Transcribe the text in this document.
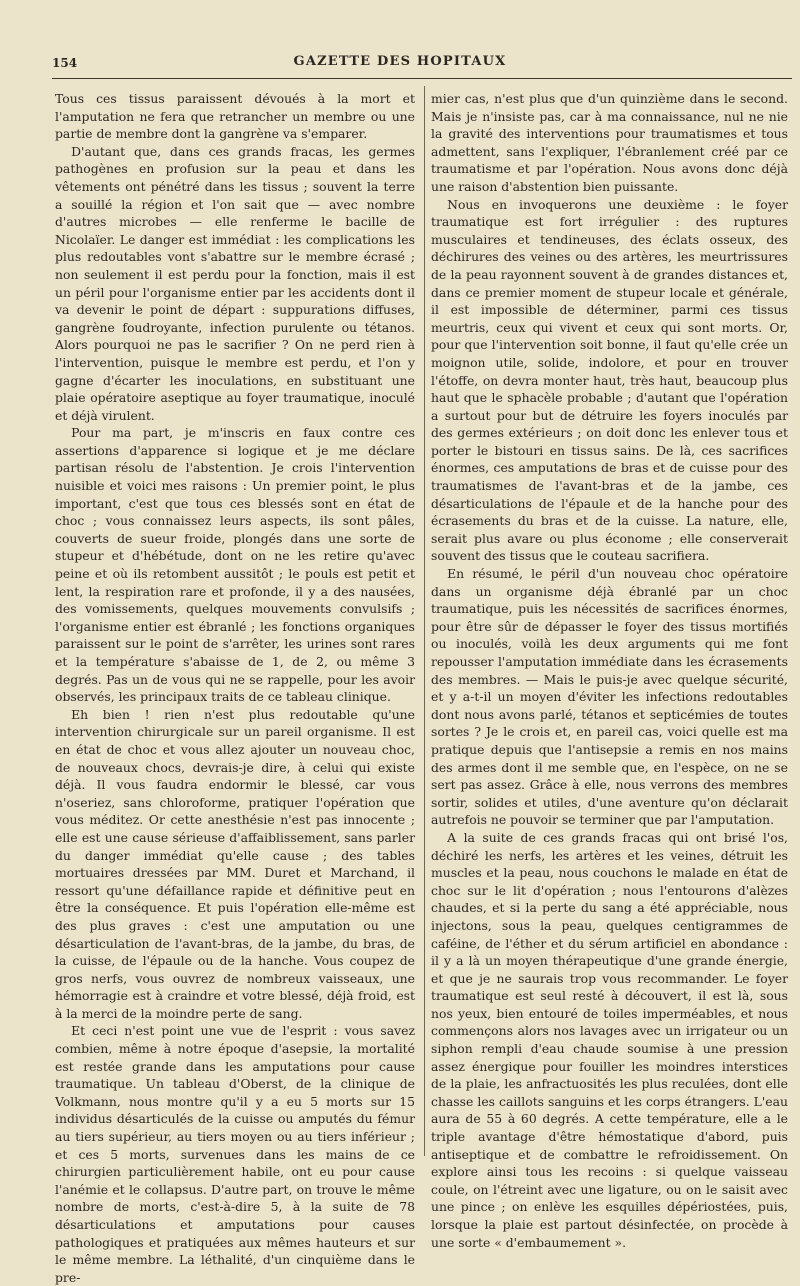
154	GAZETTE DES HOPITAUX

Tous ces tissus paraissent dévoués à la mort et l'amputation ne fera que retrancher un membre ou une partie de membre dont la gangrène va s'emparer.

D'autant que, dans ces grands fracas, les germes pathogènes en profusion sur la peau et dans les vêtements ont pénétré dans les tissus ; souvent la terre a souillé la région et l'on sait que — avec nombre d'autres microbes — elle renferme le bacille de Nicolaïer. Le danger est immédiat : les complications les plus redoutables vont s'abattre sur le membre écrasé ; non seulement il est perdu pour la fonction, mais il est un péril pour l'organisme entier par les accidents dont il va devenir le point de départ : suppurations diffuses, gangrène foudroyante, infection purulente ou tétanos. Alors pourquoi ne pas le sacrifier ? On ne perd rien à l'intervention, puisque le membre est perdu, et l'on y gagne d'écarter les inoculations, en substituant une plaie opératoire aseptique au foyer traumatique, inoculé et déjà virulent.

Pour ma part, je m'inscris en faux contre ces assertions d'apparence si logique et je me déclare partisan résolu de l'abstention. Je crois l'intervention nuisible et voici mes raisons : Un premier point, le plus important, c'est que tous ces blessés sont en état de choc ; vous connaissez leurs aspects, ils sont pâles, couverts de sueur froide, plongés dans une sorte de stupeur et d'hébétude, dont on ne les retire qu'avec peine et où ils retombent aussitôt ; le pouls est petit et lent, la respiration rare et profonde, il y a des nausées, des vomissements, quelques mouvements convulsifs ; l'organisme entier est ébranlé ; les fonctions organiques paraissent sur le point de s'arrêter, les urines sont rares et la température s'abaisse de 1, de 2, ou même 3 degrés. Pas un de vous qui ne se rappelle, pour les avoir observés, les principaux traits de ce tableau clinique.

Eh bien ! rien n'est plus redoutable qu'une intervention chirurgicale sur un pareil organisme. Il est en état de choc et vous allez ajouter un nouveau choc, de nouveaux chocs, devrais-je dire, à celui qui existe déjà. Il vous faudra endormir le blessé, car vous n'oseriez, sans chloroforme, pratiquer l'opération que vous méditez. Or cette anesthésie n'est pas innocente ; elle est une cause sérieuse d'affaiblissement, sans parler du danger immédiat qu'elle cause ; des tables mortuaires dressées par MM. Duret et Marchand, il ressort qu'une défaillance rapide et définitive peut en être la conséquence. Et puis l'opération elle-même est des plus graves : c'est une amputation ou une désarticulation de l'avant-bras, de la jambe, du bras, de la cuisse, de l'épaule ou de la hanche. Vous coupez de gros nerfs, vous ouvrez de nombreux vaisseaux, une hémorragie est à craindre et votre blessé, déjà froid, est à la merci de la moindre perte de sang.

Et ceci n'est point une vue de l'esprit : vous savez combien, même à notre époque d'asepsie, la mortalité est restée grande dans les amputations pour cause traumatique. Un tableau d'Oberst, de la clinique de Volkmann, nous montre qu'il y a eu 5 morts sur 15 individus désarticulés de la cuisse ou amputés du fémur au tiers supérieur, au tiers moyen ou au tiers inférieur ; et ces 5 morts, survenues dans les mains de ce chirurgien particulièrement habile, ont eu pour cause l'anémie et le collapsus. D'autre part, on trouve le même nombre de morts, c'est-à-dire 5, à la suite de 78 désarticulations et amputations pour causes pathologiques et pratiquées aux mêmes hauteurs et sur le même membre. La léthalité, d'un cinquième dans le pre-

mier cas, n'est plus que d'un quinzième dans le second. Mais je n'insiste pas, car à ma connaissance, nul ne nie la gravité des interventions pour traumatismes et tous admettent, sans l'expliquer, l'ébranlement créé par ce traumatisme et par l'opération. Nous avons donc déjà une raison d'abstention bien puissante.

Nous en invoquerons une deuxième : le foyer traumatique est fort irrégulier : des ruptures musculaires et tendineuses, des éclats osseux, des déchirures des veines ou des artères, les meurtrissures de la peau rayonnent souvent à de grandes distances et, dans ce premier moment de stupeur locale et générale, il est impossible de déterminer, parmi ces tissus meurtris, ceux qui vivent et ceux qui sont morts. Or, pour que l'intervention soit bonne, il faut qu'elle crée un moignon utile, solide, indolore, et pour en trouver l'étoffe, on devra monter haut, très haut, beaucoup plus haut que le sphacèle probable ; d'autant que l'opération a surtout pour but de détruire les foyers inoculés par des germes extérieurs ; on doit donc les enlever tous et porter le bistouri en tissus sains. De là, ces sacrifices énormes, ces amputations de bras et de cuisse pour des traumatismes de l'avant-bras et de la jambe, ces désarticulations de l'épaule et de la hanche pour des écrasements du bras et de la cuisse. La nature, elle, serait plus avare ou plus économe ; elle conserverait souvent des tissus que le couteau sacrifiera.

En résumé, le péril d'un nouveau choc opératoire dans un organisme déjà ébranlé par un choc traumatique, puis les nécessités de sacrifices énormes, pour être sûr de dépasser le foyer des tissus mortifiés ou inoculés, voilà les deux arguments qui me font repousser l'amputation immédiate dans les écrasements des membres. — Mais le puis-je avec quelque sécurité, et y a-t-il un moyen d'éviter les infections redoutables dont nous avons parlé, tétanos et septicémies de toutes sortes ? Je le crois et, en pareil cas, voici quelle est ma pratique depuis que l'antisepsie a remis en nos mains des armes dont il me semble que, en l'espèce, on ne se sert pas assez. Grâce à elle, nous verrons des membres sortir, solides et utiles, d'une aventure qu'on déclarait autrefois ne pouvoir se terminer que par l'amputation.

A la suite de ces grands fracas qui ont brisé l'os, déchiré les nerfs, les artères et les veines, détruit les muscles et la peau, nous couchons le malade en état de choc sur le lit d'opération ; nous l'entourons d'alèzes chaudes, et si la perte du sang a été appréciable, nous injectons, sous la peau, quelques centigrammes de caféine, de l'éther et du sérum artificiel en abondance : il y a là un moyen thérapeutique d'une grande énergie, et que je ne saurais trop vous recommander. Le foyer traumatique est seul resté à découvert, il est là, sous nos yeux, bien entouré de toiles imperméables, et nous commençons alors nos lavages avec un irrigateur ou un siphon rempli d'eau chaude soumise à une pression assez énergique pour fouiller les moindres interstices de la plaie, les anfractuosités les plus reculées, dont elle chasse les caillots sanguins et les corps étrangers. L'eau aura de 55 à 60 degrés. A cette température, elle a le triple avantage d'être hémostatique d'abord, puis antiseptique et de combattre le refroidissement. On explore ainsi tous les recoins : si quelque vaisseau coule, on l'étreint avec une ligature, ou on le saisit avec une pince ; on enlève les esquilles dépériostées, puis, lorsque la plaie est partout désinfectée, on procède à une sorte « d'embaumement ».
